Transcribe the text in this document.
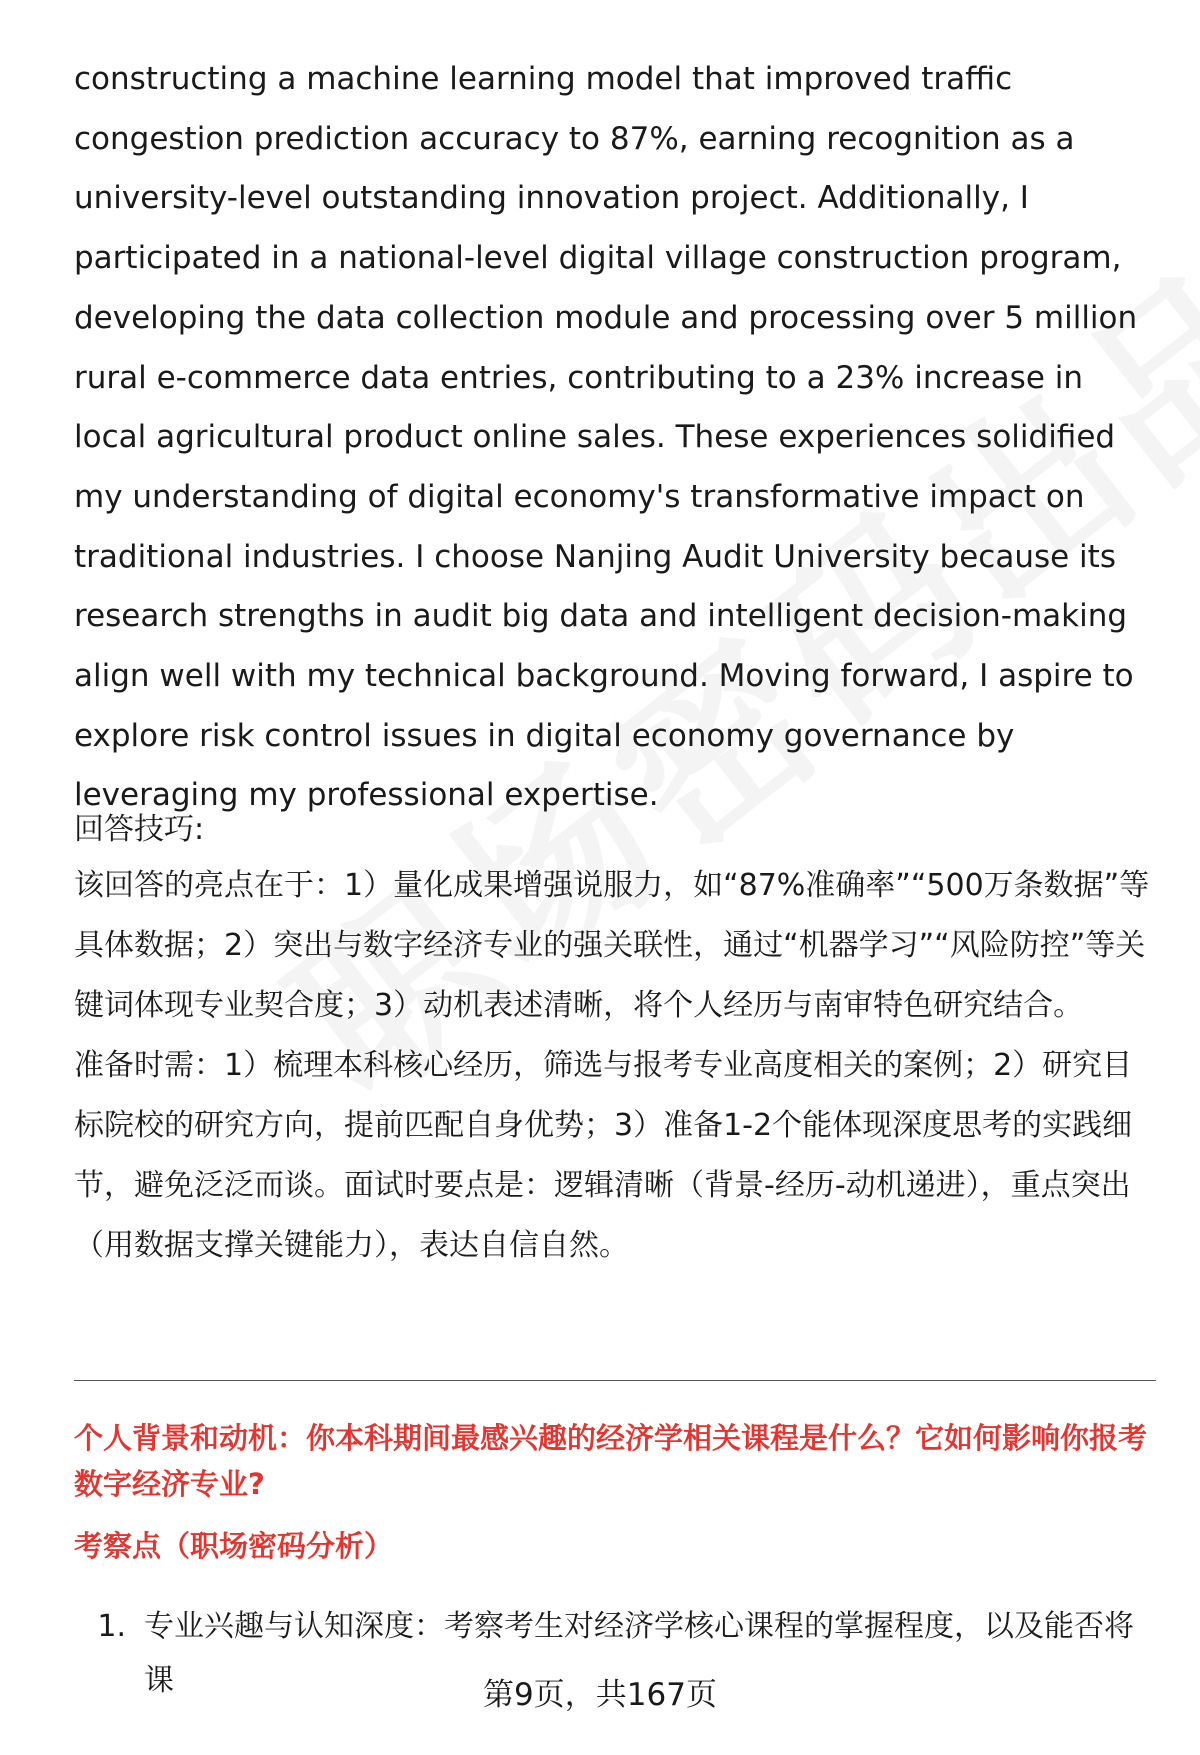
constructing a machine learning model that improved traffic congestion prediction accuracy to 87%, earning recognition as a university-level outstanding innovation project. Additionally, I participated in a national-level digital village construction program, developing the data collection module and processing over 5 million rural e-commerce data entries, contributing to a 23% increase in local agricultural product online sales. These experiences solidified my understanding of digital economy's transformative impact on traditional industries. I choose Nanjing Audit University because its research strengths in audit big data and intelligent decision-making align well with my technical background. Moving forward, I aspire to explore risk control issues in digital economy governance by leveraging my professional expertise.

回答技巧:

该回答的亮点在于：1）量化成果增强说服力，如“87%准确率”“500万条数据”等具体数据；2）突出与数字经济专业的强关联性，通过“机器学习”“风险防控”等关键词体现专业契合度；3）动机表述清晰，将个人经历与南审特色研究结合。

准备时需：1）梳理本科核心经历，筛选与报考专业高度相关的案例；2）研究目标院校的研究方向，提前匹配自身优势；3）准备1-2个能体现深度思考的实践细节，避免泛泛而谈。面试时要点是：逻辑清晰（背景-经历-动机递进），重点突出（用数据支撑关键能力），表达自信自然。

个人背景和动机：你本科期间最感兴趣的经济学相关课程是什么？它如何影响你报考数字经济专业?

考察点（职场密码分析）

1. 专业兴趣与认知深度：考察考生对经济学核心课程的掌握程度，以及能否将课	第9页，共167页
